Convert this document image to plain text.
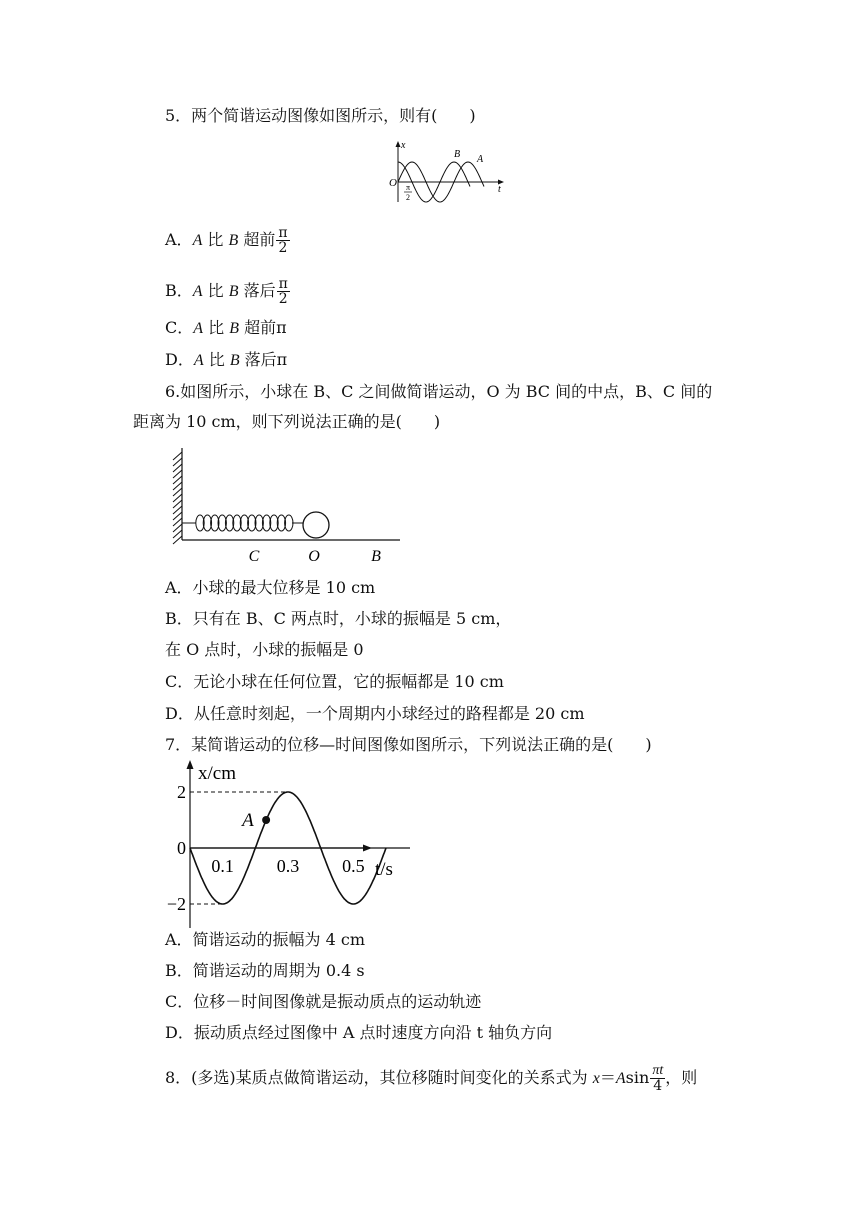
5．两个简谐运动图像如图所示，则有(　　)
x
O
t
B A
π
2
A．A 比 B 超前 $\frac{\pi}{2}$
B．A 比 B 落后 $\frac{\pi}{2}$
C．A 比 B 超前π
D．A 比 B 落后π
6.如图所示，小球在 B、C 之间做简谐运动，O 为 BC 间的中点，B、C 间的
距离为 10 cm，则下列说法正确的是(　　)
C	O	B
A．小球的最大位移是 10 cm
B．只有在 B、C 两点时，小球的振幅是 5 cm，
在 O 点时，小球的振幅是 0
C．无论小球在任何位置，它的振幅都是 10 cm
D．从任意时刻起，一个周期内小球经过的路程都是 20 cm
7．某简谐运动的位移—时间图像如图所示，下列说法正确的是(　　)
0.1 0.3 0.5
2
0
−2
A
x/cm
t/s
A．简谐运动的振幅为 4 cm
B．简谐运动的周期为 0.4 s
C．位移－时间图像就是振动质点的运动轨迹
D．振动质点经过图像中 A 点时速度方向沿 t 轴负方向
8．(多选)某质点做简谐运动，其位移随时间变化的关系式为 $x=Asin \frac{\pi t}{4}$ ，则
